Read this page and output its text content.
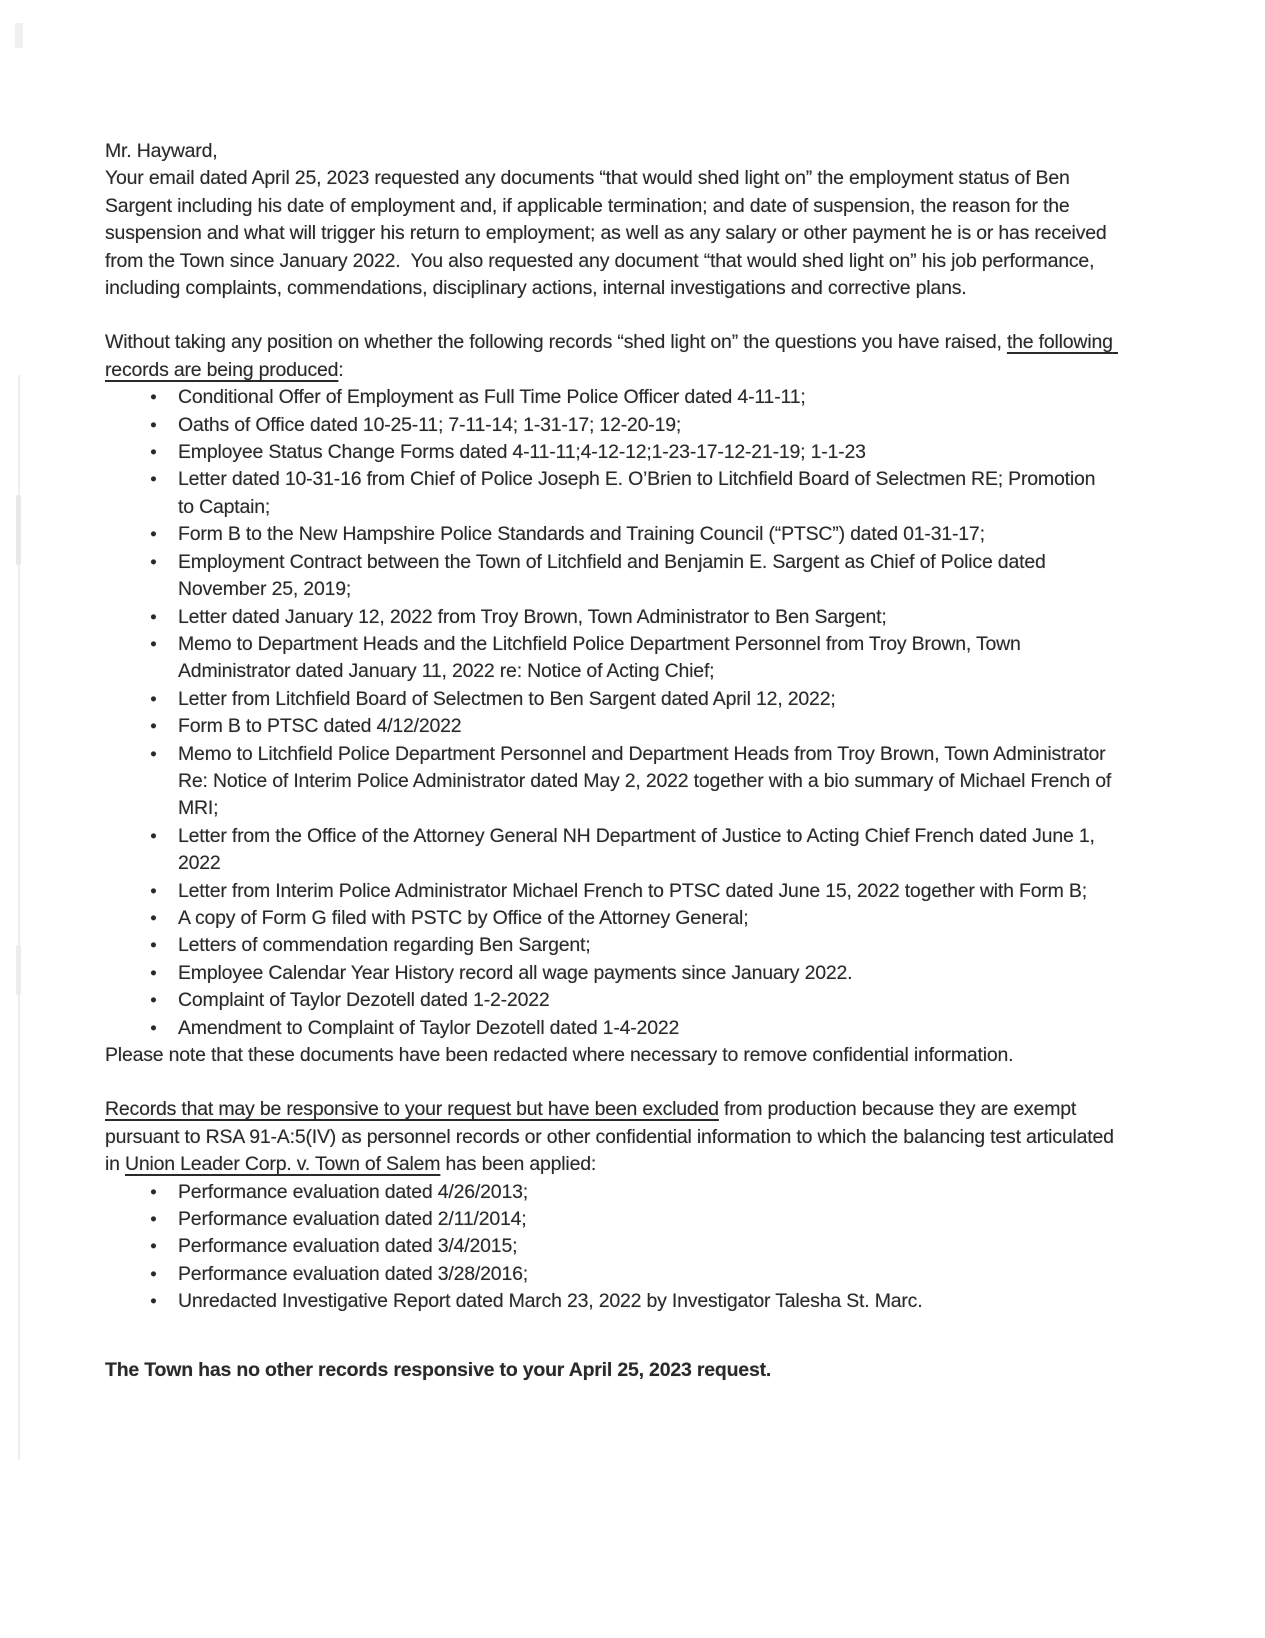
Mr. Hayward,

Your email dated April 25, 2023 requested any documents “that would shed light on” the employment status of Ben Sargent including his date of employment and, if applicable termination; and date of suspension, the reason for the suspension and what will trigger his return to employment; as well as any salary or other payment he is or has received from the Town since January 2022.  You also requested any document “that would shed light on” his job performance, including complaints, commendations, disciplinary actions, internal investigations and corrective plans.

Without taking any position on whether the following records “shed light on” the questions you have raised, the following records are being produced:

● Conditional Offer of Employment as Full Time Police Officer dated 4-11-11;
● Oaths of Office dated 10-25-11; 7-11-14; 1-31-17; 12-20-19;
● Employee Status Change Forms dated 4-11-11;4-12-12;1-23-17-12-21-19; 1-1-23
● Letter dated 10-31-16 from Chief of Police Joseph E. O’Brien to Litchfield Board of Selectmen RE; Promotion to Captain;
● Form B to the New Hampshire Police Standards and Training Council (“PTSC”) dated 01-31-17;
● Employment Contract between the Town of Litchfield and Benjamin E. Sargent as Chief of Police dated November 25, 2019;
● Letter dated January 12, 2022 from Troy Brown, Town Administrator to Ben Sargent;
● Memo to Department Heads and the Litchfield Police Department Personnel from Troy Brown, Town Administrator dated January 11, 2022 re: Notice of Acting Chief;
● Letter from Litchfield Board of Selectmen to Ben Sargent dated April 12, 2022;
● Form B to PTSC dated 4/12/2022
● Memo to Litchfield Police Department Personnel and Department Heads from Troy Brown, Town Administrator Re: Notice of Interim Police Administrator dated May 2, 2022 together with a bio summary of Michael French of MRI;
● Letter from the Office of the Attorney General NH Department of Justice to Acting Chief French dated June 1, 2022
● Letter from Interim Police Administrator Michael French to PTSC dated June 15, 2022 together with Form B;
● A copy of Form G filed with PSTC by Office of the Attorney General;
● Letters of commendation regarding Ben Sargent;
● Employee Calendar Year History record all wage payments since January 2022.
● Complaint of Taylor Dezotell dated 1-2-2022
● Amendment to Complaint of Taylor Dezotell dated 1-4-2022

Please note that these documents have been redacted where necessary to remove confidential information.

Records that may be responsive to your request but have been excluded from production because they are exempt pursuant to RSA 91-A:5(IV) as personnel records or other confidential information to which the balancing test articulated in Union Leader Corp. v. Town of Salem has been applied:

● Performance evaluation dated 4/26/2013;
● Performance evaluation dated 2/11/2014;
● Performance evaluation dated 3/4/2015;
● Performance evaluation dated 3/28/2016;
● Unredacted Investigative Report dated March 23, 2022 by Investigator Talesha St. Marc.

The Town has no other records responsive to your April 25, 2023 request.
